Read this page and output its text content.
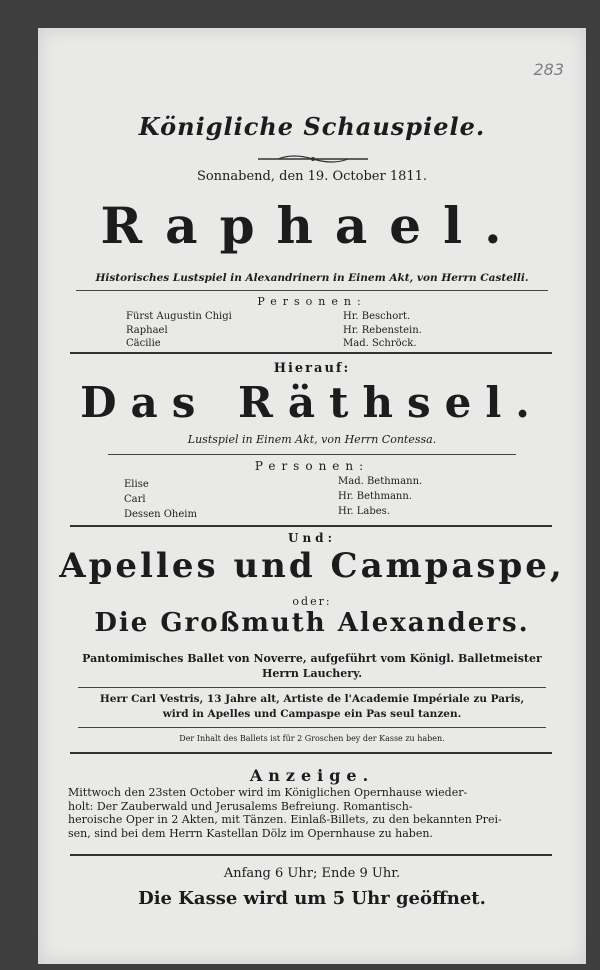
283
Königliche Schauspiele.
Sonnabend, den 19. October 1811.
Raphael.
Historisches Lustspiel in Alexandrinern in Einem Akt, von Herrn Castelli.
Personen:
Fürst Augustin Chigi
Raphael
Cäcilie
Hr. Beschort.
Hr. Rebenstein.
Mad. Schröck.
Hierauf:
Das Räthsel.
Lustspiel in Einem Akt, von Herrn Contessa.
Personen:
Elise
Carl
Dessen Oheim
Mad. Bethmann.
Hr. Bethmann.
Hr. Labes.
Und:
Apelles und Campaspe,
oder:
Die Großmuth Alexanders.
Pantomimisches Ballet von Noverre, aufgeführt vom Königl. Balletmeister
Herrn Lauchery.
Herr Carl Vestris, 13 Jahre alt, Artiste de l'Academie Impériale zu Paris,
wird in Apelles und Campaspe ein Pas seul tanzen.
Der Inhalt des Ballets ist für 2 Groschen bey der Kasse zu haben.
Anzeige.
Mittwoch den 23sten October wird im Königlichen Opernhause wieder-
holt: Der Zauberwald und Jerusalems Befreiung. Romantisch-
heroische Oper in 2 Akten, mit Tänzen. Einlaß-Billets, zu den bekannten Prei-
sen, sind bei dem Herrn Kastellan Dölz im Opernhause zu haben.
Anfang 6 Uhr; Ende 9 Uhr.
Die Kasse wird um 5 Uhr geöffnet.
